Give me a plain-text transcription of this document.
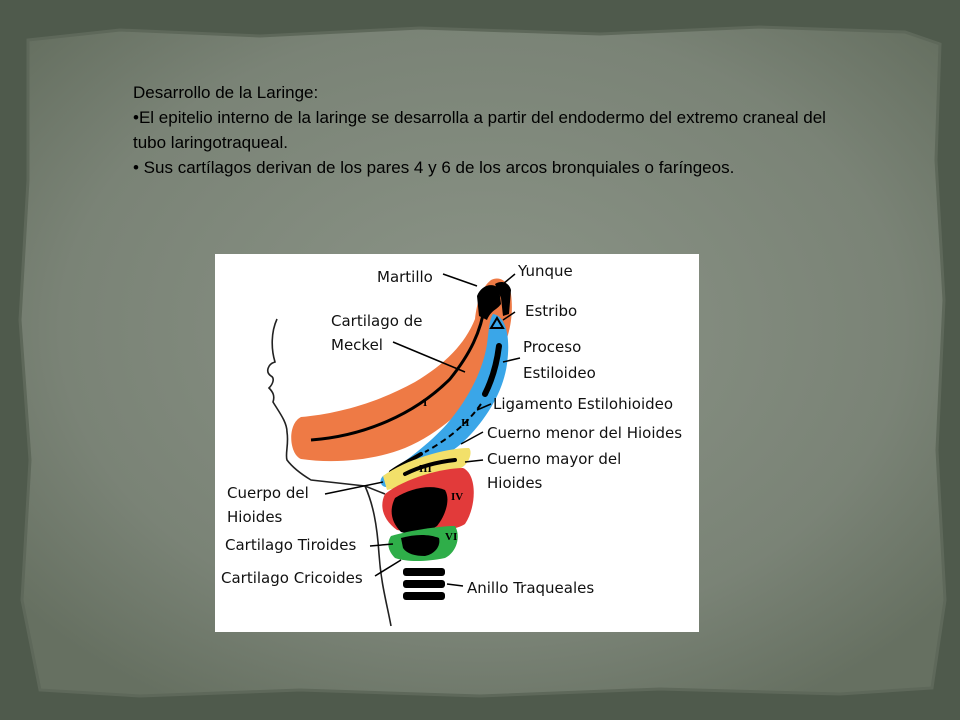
Desarrollo de la Laringe:

•El epitelio interno de la laringe se desarrolla a partir del endodermo del extremo craneal del tubo laringotraqueal.

• Sus cartílagos derivan de los pares 4 y 6 de los arcos bronquiales o faríngeos.

I
II
III
IV
VI
Martillo	Yunque
Estribo
Cartilago de
Meckel	Proceso
Estiloideo
Ligamento Estilohioideo
Cuerno menor del Hioides
Cuerno mayor del
Hioides
Cuerpo del
Hioides
Cartilago Tiroides
Cartilago Cricoides
Anillo Traqueales
